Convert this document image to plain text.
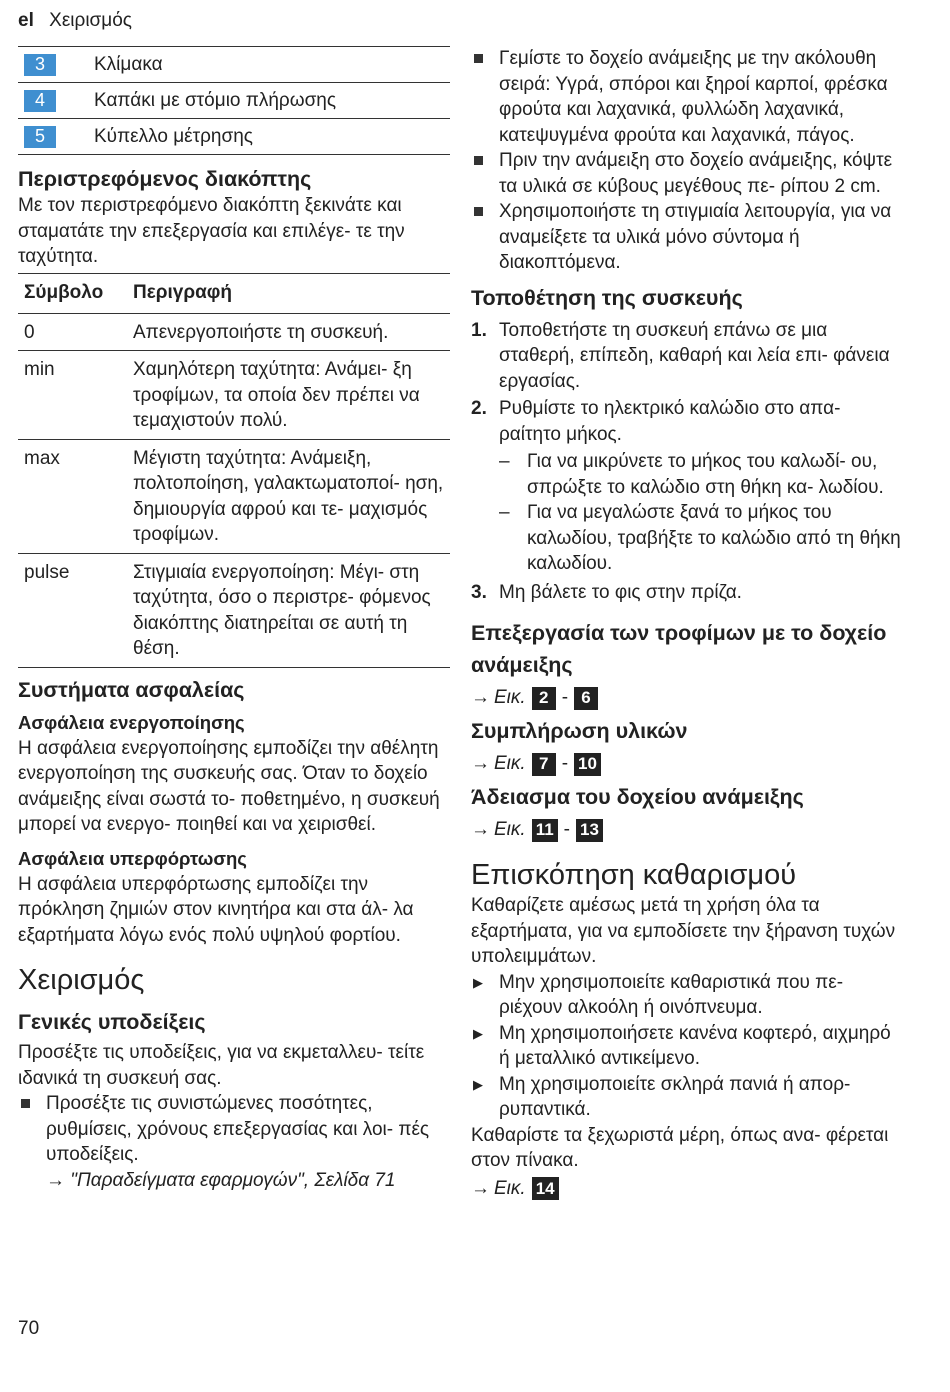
el Χειρισμός
3	Κλίμακα
4	Καπάκι με στόμιο πλήρωσης
5	Κύπελλο μέτρησης
Περιστρεφόμενος διακόπτης

Με τον περιστρεφόμενο διακόπτη ξεκινάτε και σταματάτε την επεξεργασία και επιλέγε- τε την ταχύτητα.

Σύμβολο	Περιγραφή
0	Απενεργοποιήστε τη συσκευή.
min	Χαμηλότερη ταχύτητα: Ανάμει- ξη τροφίμων, τα οποία δεν πρέπει να τεμαχιστούν πολύ.
max	Μέγιστη ταχύτητα: Ανάμειξη, πολτοποίηση, γαλακτωματοποί- ηση, δημιουργία αφρού και τε- μαχισμός τροφίμων.
pulse	Στιγμιαία ενεργοποίηση: Μέγι- στη ταχύτητα, όσο ο περιστρε- φόμενος διακόπτης διατηρείται σε αυτή τη θέση.
Συστήματα ασφαλείας
Ασφάλεια ενεργοποίησης

Η ασφάλεια ενεργοποίησης εμποδίζει την αθέλητη ενεργοποίηση της συσκευής σας. Όταν το δοχείο ανάμειξης είναι σωστά το- ποθετημένο, η συσκευή μπορεί να ενεργο- ποιηθεί και να χειρισθεί.

Ασφάλεια υπερφόρτωσης

Η ασφάλεια υπερφόρτωσης εμποδίζει την πρόκληση ζημιών στον κινητήρα και στα άλ- λα εξαρτήματα λόγω ενός πολύ υψηλού φορτίου.

Χειρισμός
Γενικές υποδείξεις

Προσέξτε τις υποδείξεις, για να εκμεταλλευ- τείτε ιδανικά τη συσκευή σας.

Προσέξτε τις συνιστώμενες ποσότητες, ρυθμίσεις, χρόνους επεξεργασίας και λοι- πές υποδείξεις.
→ "Παραδείγματα εφαρμογών", Σελίδα 71
Γεμίστε το δοχείο ανάμειξης με την ακόλουθη σειρά: Υγρά, σπόροι και ξηροί καρποί, φρέσκα φρούτα και λαχανικά, φυλλώδη λαχανικά, κατεψυγμένα φρούτα και λαχανικά, πάγος.
Πριν την ανάμειξη στο δοχείο ανάμειξης, κόψτε τα υλικά σε κύβους μεγέθους πε- ρίπου 2 cm.
Χρησιμοποιήστε τη στιγμιαία λειτουργία, για να αναμείξετε τα υλικά μόνο σύντομα ή διακοπτόμενα.
Τοποθέτηση της συσκευής
1. Τοποθετήστε τη συσκευή επάνω σε μια σταθερή, επίπεδη, καθαρή και λεία επι- φάνεια εργασίας.
2. Ρυθμίστε το ηλεκτρικό καλώδιο στο απα- ραίτητο μήκος.
– Για να μικρύνετε το μήκος του καλωδί- ου, σπρώξτε το καλώδιο στη θήκη κα- λωδίου.
– Για να μεγαλώστε ξανά το μήκος του καλωδίου, τραβήξτε το καλώδιο από τη θήκη καλωδίου.
3. Μη βάλετε το φις στην πρίζα.
Επεξεργασία των τροφίμων με το δοχείο ανάμειξης
→ Εικ. 2 - 6
Συμπλήρωση υλικών
→ Εικ. 7 - 10
Άδειασμα του δοχείου ανάμειξης
→ Εικ. 11 - 13
Επισκόπηση καθαρισμού

Καθαρίζετε αμέσως μετά τη χρήση όλα τα εξαρτήματα, για να εμποδίσετε την ξήρανση τυχών υπολειμμάτων.

▶ Μην χρησιμοποιείτε καθαριστικά που πε- ριέχουν αλκοόλη ή οινόπνευμα.
▶ Μη χρησιμοποιήσετε κανένα κοφτερό, αιχμηρό ή μεταλλικό αντικείμενο.
▶ Μη χρησιμοποιείτε σκληρά πανιά ή απορ- ρυπαντικά.

Καθαρίστε τα ξεχωριστά μέρη, όπως ανα- φέρεται στον πίνακα.

→ Εικ. 14
70
